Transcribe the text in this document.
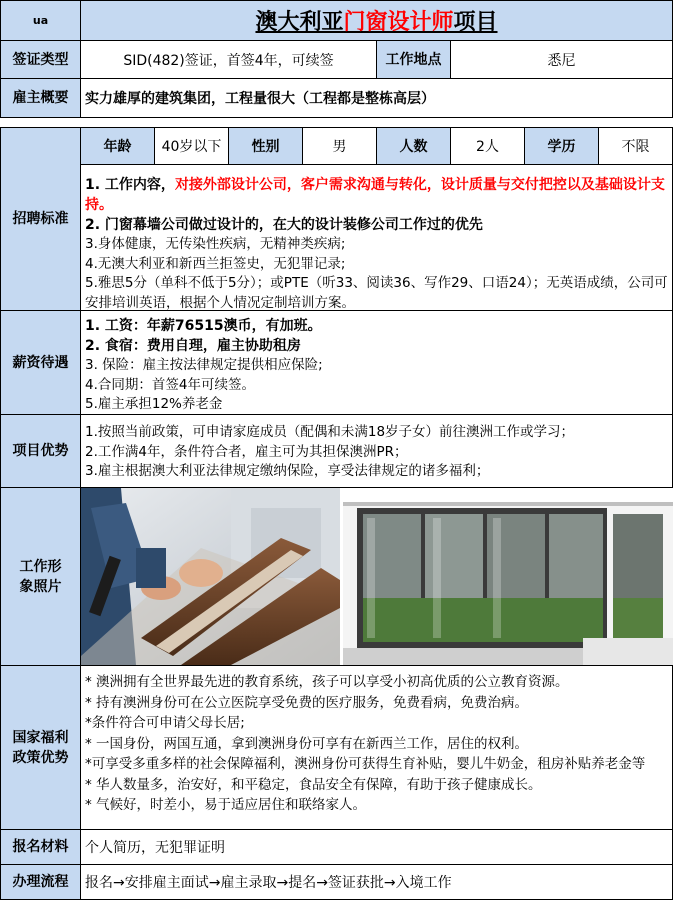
ua	澳大利亚门窗设计师项目
签证类型	SID(482)签证，首签4年，可续签	工作地点	悉尼
雇主概要	实力雄厚的建筑集团，工程量很大（工程都是整栋高层）
招聘标准
年龄	40岁以下	性别	男	人数	2人	学历	不限
1. 工作内容，对接外部设计公司，客户需求沟通与转化，设计质量与交付把控以及基础设计支持。
2. 门窗幕墙公司做过设计的，在大的设计装修公司工作过的优先
3.身体健康，无传染性疾病，无精神类疾病;
4.无澳大利亚和新西兰拒签史，无犯罪记录;
5.雅思5分（单科不低于5分）；或PTE（听33、阅读36、写作29、口语24）；无英语成绩，公司可安排培训英语，根据个人情况定制培训方案。
薪资待遇
1. 工资：年薪76515澳币，有加班。
2. 食宿：费用自理，雇主协助租房
3. 保险：雇主按法律规定提供相应保险;
4.合同期：首签4年可续签。
5.雇主承担12%养老金
项目优势
1.按照当前政策，可申请家庭成员（配偶和未满18岁子女）前往澳洲工作或学习；
2.工作满4年，条件符合者，雇主可为其担保澳洲PR；
3.雇主根据澳大利亚法律规定缴纳保险，享受法律规定的诸多福利；
工作形象照片
国家福利政策优势
* 澳洲拥有全世界最先进的教育系统，孩子可以享受小初高优质的公立教育资源。
* 持有澳洲身份可在公立医院享受免费的医疗服务，免费看病，免费治病。
*条件符合可申请父母长居;
* 一国身份，两国互通，拿到澳洲身份可享有在新西兰工作，居住的权利。
*可享受多重多样的社会保障福利，澳洲身份可获得生育补贴，婴儿牛奶金，租房补贴养老金等
* 华人数量多，治安好，和平稳定，食品安全有保障，有助于孩子健康成长。
* 气候好，时差小，易于适应居住和联络家人。
报名材料	个人简历，无犯罪证明
办理流程	报名→安排雇主面试→雇主录取→提名→签证获批→入境工作
